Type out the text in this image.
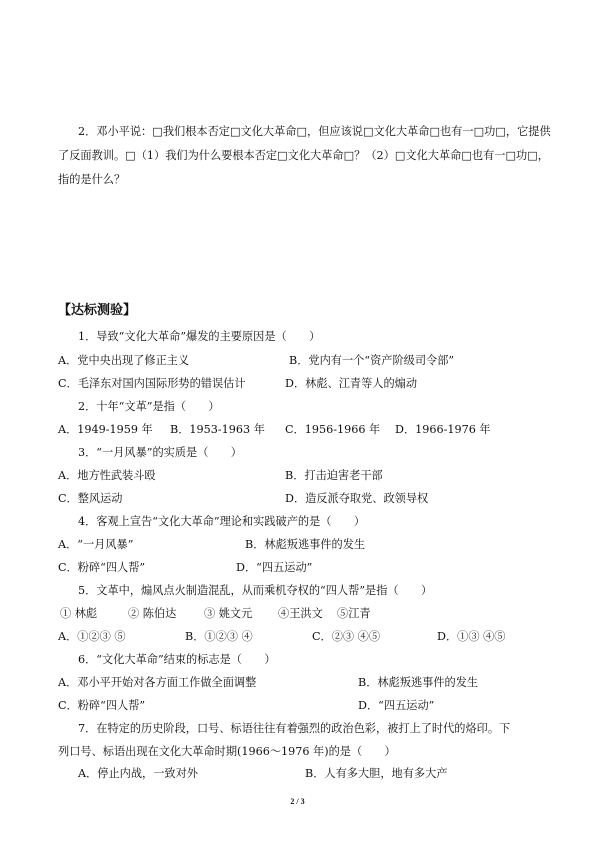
2．邓小平说：□我们根本否定□文化大革命□，但应该说□文化大革命□也有一□功□，它提供
了反面教训。□（1）我们为什么要根本否定□文化大革命□？（2）□文化大革命□也有一□功□，
指的是什么？
【达标测验】
1．导致“文化大革命”爆发的主要原因是（　　）
A．党中央出现了修正主义	B．党内有一个“资产阶级司令部”
C．毛泽东对国内国际形势的错误估计	D．林彪、江青等人的煽动
2．十年“文革”是指（　　）
A．1949-1959 年 B．1953-1963 年 C．1956-1966 年 D．1966-1976 年
3．“一月风暴”的实质是（　　）
A．地方性武装斗殴	B．打击迫害老干部
C．整风运动	D．造反派夺取党、政领导权
4．客观上宣告“文化大革命”理论和实践破产的是（　　）
A．“一月风暴”	B．林彪叛逃事件的发生
C．粉碎“四人帮”	D．“四五运动”
5．文革中，煽风点火制造混乱，从而乘机夺权的“四人帮”是指（　　）
① 林彪	② 陈伯达 ③ 姚文元 ④王洪文 ⑤江青
A．①②③ ⑤	B．①②③ ④	C．②③ ④⑤	D．①③ ④⑤
6．“文化大革命”结束的标志是（　　）
A．邓小平开始对各方面工作做全面调整	B．林彪叛逃事件的发生
C．粉碎“四人帮”	D．“四五运动”
7．在特定的历史阶段，口号、标语往往有着强烈的政治色彩，被打上了时代的烙印。下
列口号、标语出现在文化大革命时期(1966～1976 年)的是（　　）
A．停止内战，一致对外	B．人有多大胆，地有多大产
2 / 3
